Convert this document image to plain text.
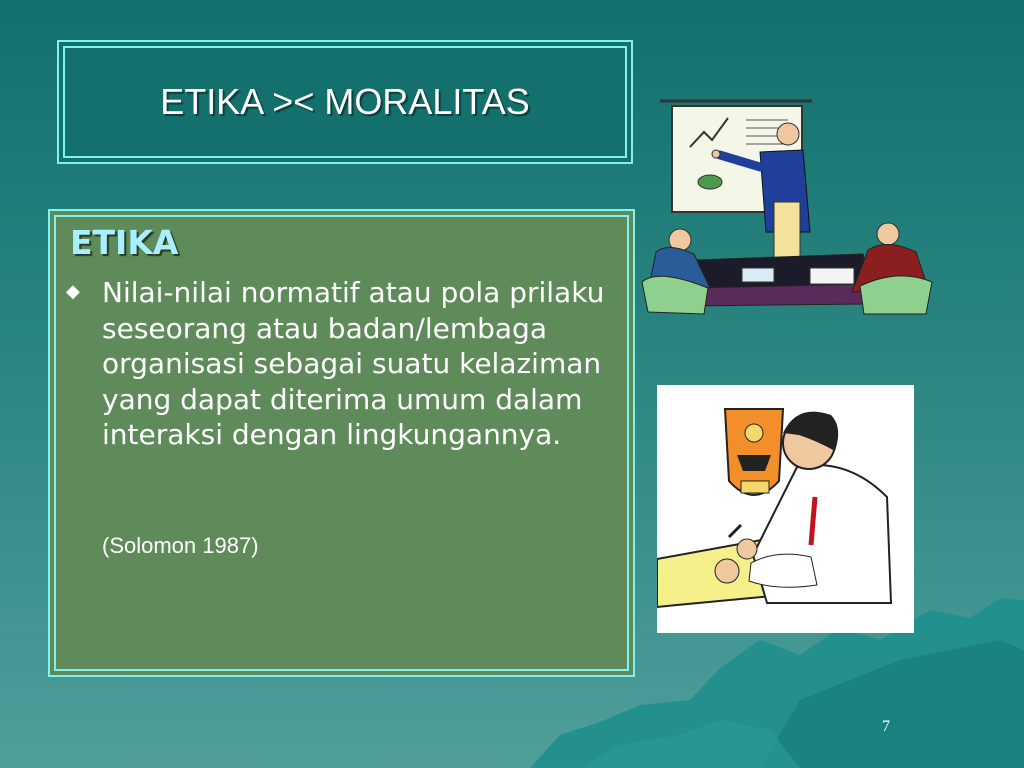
ETIKA >< MORALITAS
ETIKA
◆ Nilai-nilai normatif atau pola prilaku seseorang atau badan/lembaga organisasi sebagai suatu kelaziman yang dapat diterima umum dalam interaksi dengan lingkungannya.
(Solomon 1987)
7
